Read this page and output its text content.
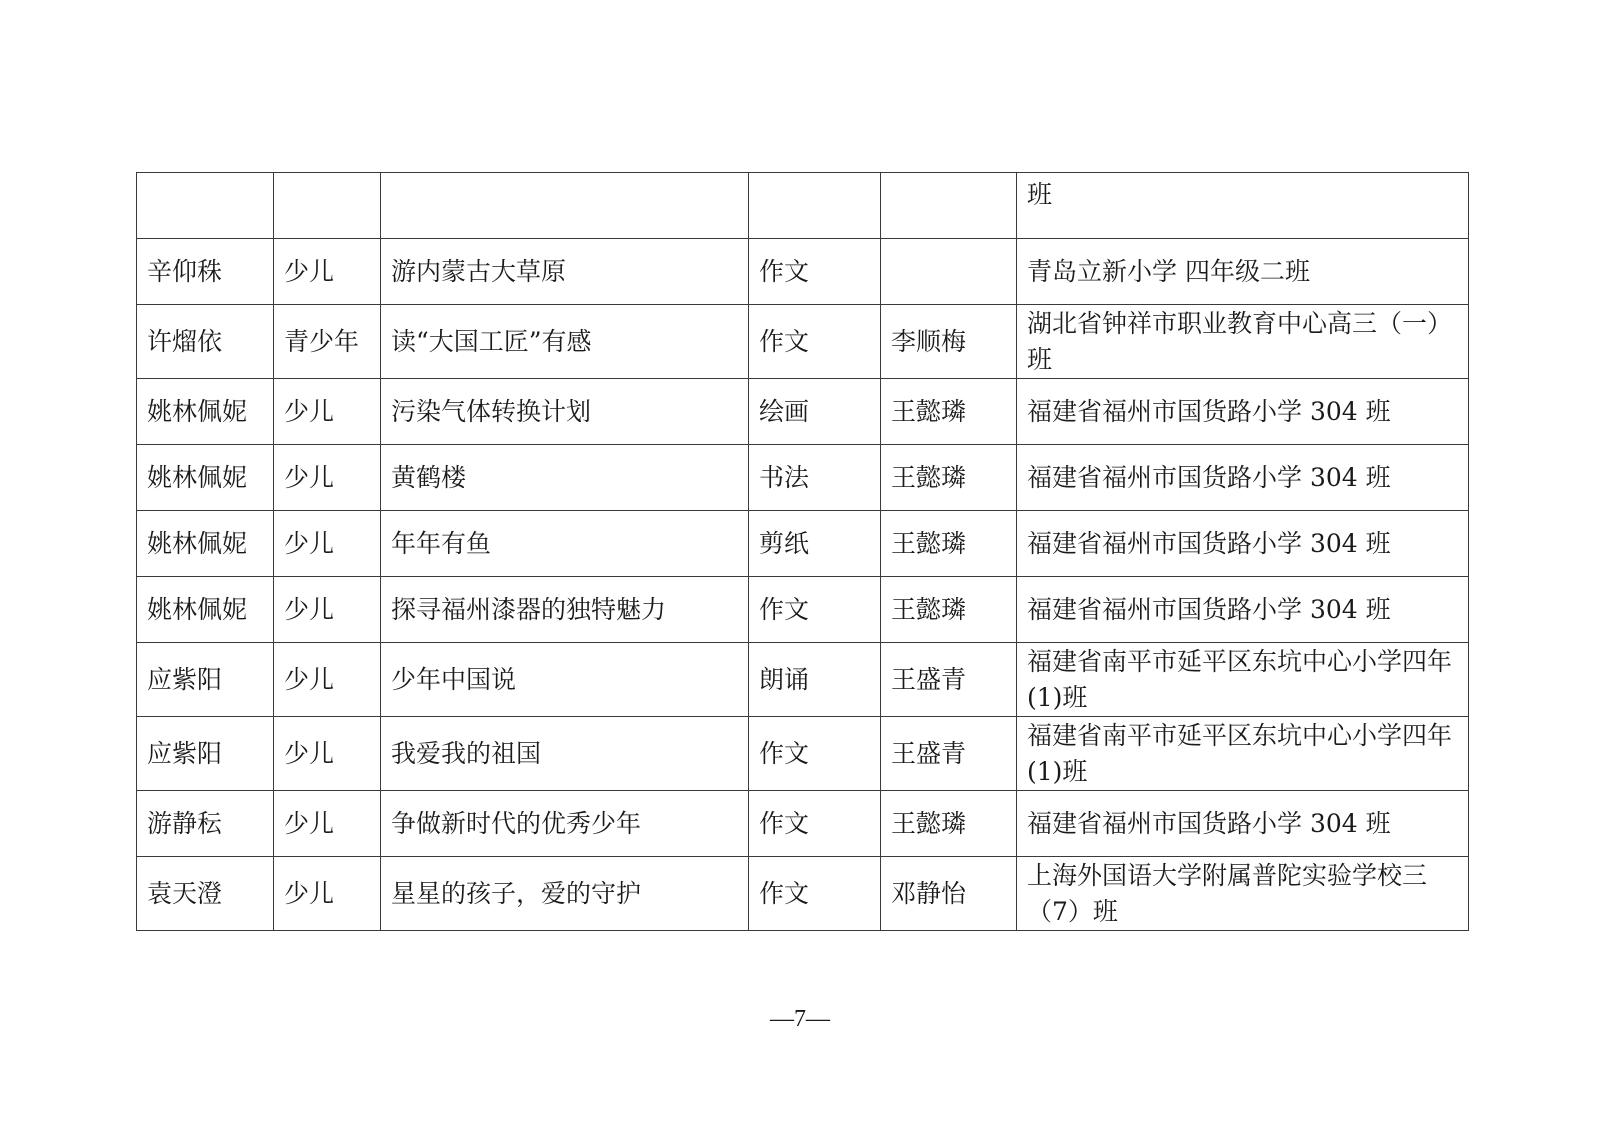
					班
辛仰秼	少儿	游内蒙古大草原	作文		青岛立新小学 四年级二班
许熘依	青少年	读“大国工匠”有感	作文	李顺梅	湖北省钟祥市职业教育中心高三（一）班
姚林佩妮	少儿	污染气体转换计划	绘画	王懿璘	福建省福州市国货路小学 304 班
姚林佩妮	少儿	黄鹤楼	书法	王懿璘	福建省福州市国货路小学 304 班
姚林佩妮	少儿	年年有鱼	剪纸	王懿璘	福建省福州市国货路小学 304 班
姚林佩妮	少儿	探寻福州漆器的独特魅力	作文	王懿璘	福建省福州市国货路小学 304 班
应紫阳	少儿	少年中国说	朗诵	王盛青	福建省南平市延平区东坑中心小学四年(1)班
应紫阳	少儿	我爱我的祖国	作文	王盛青	福建省南平市延平区东坑中心小学四年(1)班
游静秐	少儿	争做新时代的优秀少年	作文	王懿璘	福建省福州市国货路小学 304 班
袁天澄	少儿	星星的孩子，爱的守护	作文	邓静怡	上海外国语大学附属普陀实验学校三（7）班
—7—
